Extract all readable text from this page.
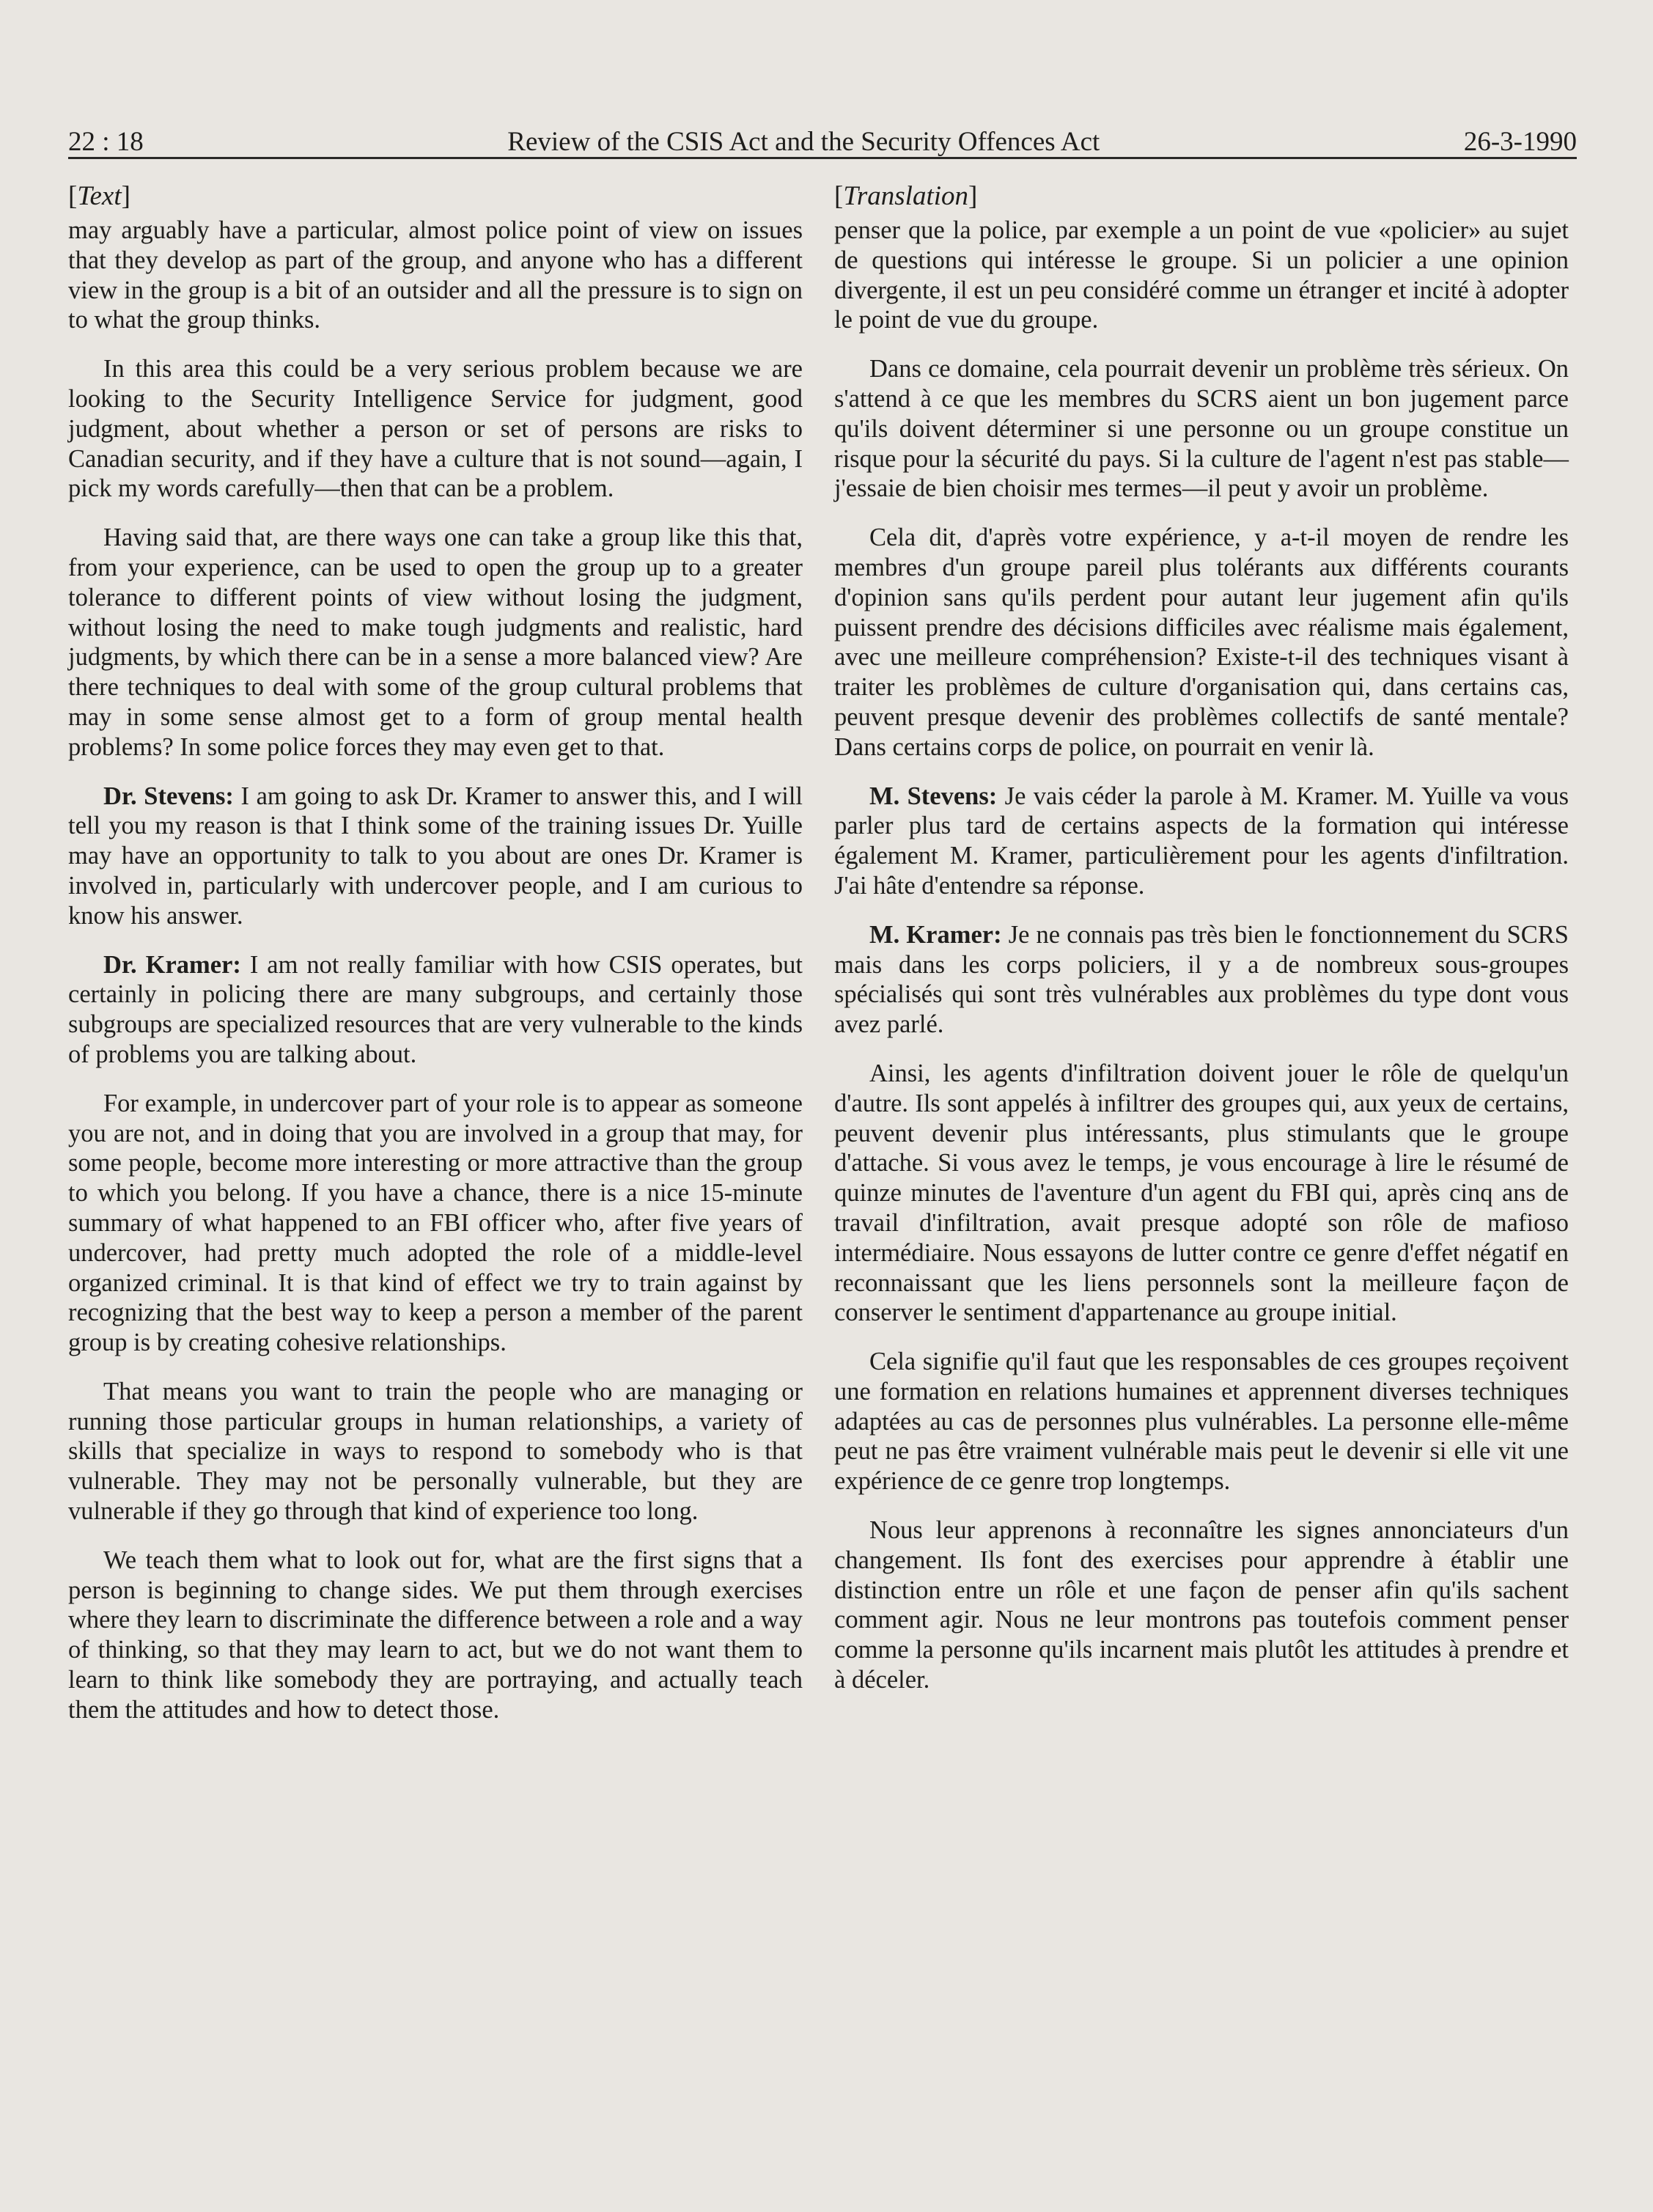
22 : 18	Review of the CSIS Act and the Security Offences Act	26-3-1990
[Text]

may arguably have a particular, almost police point of view on issues that they develop as part of the group, and anyone who has a different view in the group is a bit of an outsider and all the pressure is to sign on to what the group thinks.

In this area this could be a very serious problem because we are looking to the Security Intelligence Service for judgment, good judgment, about whether a person or set of persons are risks to Canadian security, and if they have a culture that is not sound—again, I pick my words carefully—then that can be a problem.

Having said that, are there ways one can take a group like this that, from your experience, can be used to open the group up to a greater tolerance to different points of view without losing the judgment, without losing the need to make tough judgments and realistic, hard judgments, by which there can be in a sense a more balanced view? Are there techniques to deal with some of the group cultural problems that may in some sense almost get to a form of group mental health problems? In some police forces they may even get to that.

Dr. Stevens: I am going to ask Dr. Kramer to answer this, and I will tell you my reason is that I think some of the training issues Dr. Yuille may have an opportunity to talk to you about are ones Dr. Kramer is involved in, particularly with undercover people, and I am curious to know his answer.

Dr. Kramer: I am not really familiar with how CSIS operates, but certainly in policing there are many subgroups, and certainly those subgroups are specialized resources that are very vulnerable to the kinds of problems you are talking about.

For example, in undercover part of your role is to appear as someone you are not, and in doing that you are involved in a group that may, for some people, become more interesting or more attractive than the group to which you belong. If you have a chance, there is a nice 15-minute summary of what happened to an FBI officer who, after five years of undercover, had pretty much adopted the role of a middle-level organized criminal. It is that kind of effect we try to train against by recognizing that the best way to keep a person a member of the parent group is by creating cohesive relationships.

That means you want to train the people who are managing or running those particular groups in human relationships, a variety of skills that specialize in ways to respond to somebody who is that vulnerable. They may not be personally vulnerable, but they are vulnerable if they go through that kind of experience too long.

We teach them what to look out for, what are the first signs that a person is beginning to change sides. We put them through exercises where they learn to discriminate the difference between a role and a way of thinking, so that they may learn to act, but we do not want them to learn to think like somebody they are portraying, and actually teach them the attitudes and how to detect those.

[Translation]

penser que la police, par exemple a un point de vue «policier» au sujet de questions qui intéresse le groupe. Si un policier a une opinion divergente, il est un peu considéré comme un étranger et incité à adopter le point de vue du groupe.

Dans ce domaine, cela pourrait devenir un problème très sérieux. On s'attend à ce que les membres du SCRS aient un bon jugement parce qu'ils doivent déterminer si une personne ou un groupe constitue un risque pour la sécurité du pays. Si la culture de l'agent n'est pas stable—j'essaie de bien choisir mes termes—il peut y avoir un problème.

Cela dit, d'après votre expérience, y a-t-il moyen de rendre les membres d'un groupe pareil plus tolérants aux différents courants d'opinion sans qu'ils perdent pour autant leur jugement afin qu'ils puissent prendre des décisions difficiles avec réalisme mais également, avec une meilleure compréhension? Existe-t-il des techniques visant à traiter les problèmes de culture d'organisation qui, dans certains cas, peuvent presque devenir des problèmes collectifs de santé mentale? Dans certains corps de police, on pourrait en venir là.

M. Stevens: Je vais céder la parole à M. Kramer. M. Yuille va vous parler plus tard de certains aspects de la formation qui intéresse également M. Kramer, particulièrement pour les agents d'infiltration. J'ai hâte d'entendre sa réponse.

M. Kramer: Je ne connais pas très bien le fonctionnement du SCRS mais dans les corps policiers, il y a de nombreux sous-groupes spécialisés qui sont très vulnérables aux problèmes du type dont vous avez parlé.

Ainsi, les agents d'infiltration doivent jouer le rôle de quelqu'un d'autre. Ils sont appelés à infiltrer des groupes qui, aux yeux de certains, peuvent devenir plus intéressants, plus stimulants que le groupe d'attache. Si vous avez le temps, je vous encourage à lire le résumé de quinze minutes de l'aventure d'un agent du FBI qui, après cinq ans de travail d'infiltration, avait presque adopté son rôle de mafioso intermédiaire. Nous essayons de lutter contre ce genre d'effet négatif en reconnaissant que les liens personnels sont la meilleure façon de conserver le sentiment d'appartenance au groupe initial.

Cela signifie qu'il faut que les responsables de ces groupes reçoivent une formation en relations humaines et apprennent diverses techniques adaptées au cas de personnes plus vulnérables. La personne elle-même peut ne pas être vraiment vulnérable mais peut le devenir si elle vit une expérience de ce genre trop longtemps.

Nous leur apprenons à reconnaître les signes annonciateurs d'un changement. Ils font des exercises pour apprendre à établir une distinction entre un rôle et une façon de penser afin qu'ils sachent comment agir. Nous ne leur montrons pas toutefois comment penser comme la personne qu'ils incarnent mais plutôt les attitudes à prendre et à déceler.
